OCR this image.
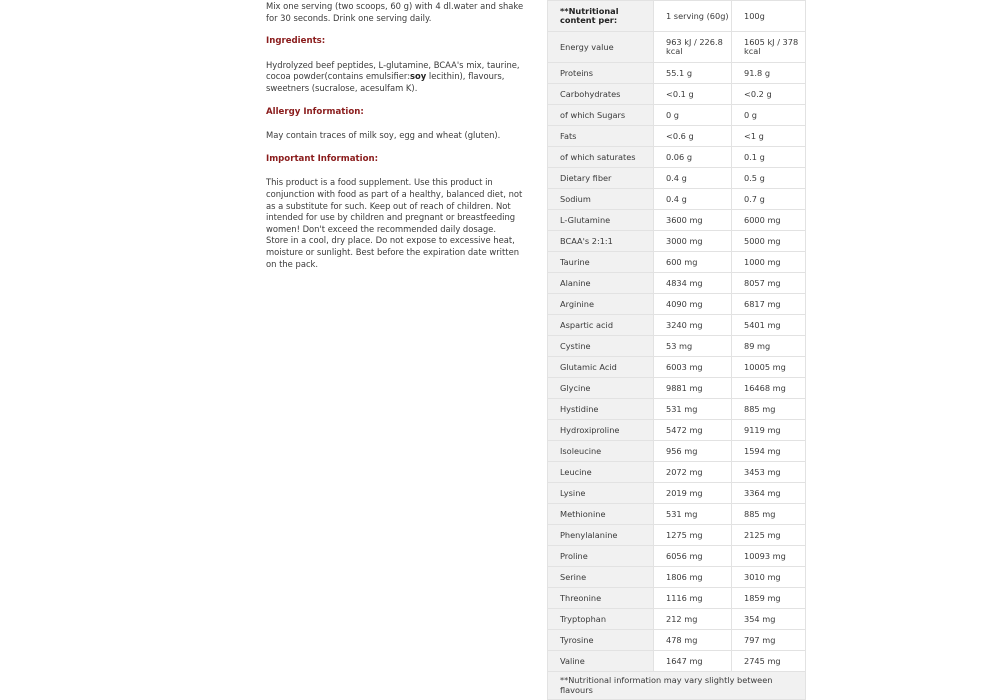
Mix one serving (two scoops, 60 g) with 4 dl.water and shake for 30 seconds. Drink one serving daily.

Ingredients:

Hydrolyzed beef peptides, L-glutamine, BCAA's mix, taurine, cocoa powder(contains emulsifier:soy lecithin), flavours, sweetners (sucralose, acesulfam K).

Allergy Information:

May contain traces of milk soy, egg and wheat (gluten).

Important Information:

This product is a food supplement. Use this product in conjunction with food as part of a healthy, balanced diet, not as a substitute for such. Keep out of reach of children. Not intended for use by children and pregnant or breastfeeding women! Don't exceed the recommended daily dosage.

Store in a cool, dry place. Do not expose to excessive heat, moisture or sunlight. Best before the expiration date written on the pack.

**Nutritional content per:	1 serving (60g)	100g
Energy value	963 kJ / 226.8 kcal	1605 kJ / 378 kcal
Proteins	55.1 g	91.8 g
Carbohydrates	<0.1 g	<0.2 g
of which Sugars	0 g	0 g
Fats	<0.6 g	<1 g
of which saturates	0.06 g	0.1 g
Dietary fiber	0.4 g	0.5 g
Sodium	0.4 g	0.7 g
L-Glutamine	3600 mg	6000 mg
BCAA's 2:1:1	3000 mg	5000 mg
Taurine	600 mg	1000 mg
Alanine	4834 mg	8057 mg
Arginine	4090 mg	6817 mg
Aspartic acid	3240 mg	5401 mg
Cystine	53 mg	89 mg
Glutamic Acid	6003 mg	10005 mg
Glycine	9881 mg	16468 mg
Hystidine	531 mg	885 mg
Hydroxiproline	5472 mg	9119 mg
Isoleucine	956 mg	1594 mg
Leucine	2072 mg	3453 mg
Lysine	2019 mg	3364 mg
Methionine	531 mg	885 mg
Phenylalanine	1275 mg	2125 mg
Proline	6056 mg	10093 mg
Serine	1806 mg	3010 mg
Threonine	1116 mg	1859 mg
Tryptophan	212 mg	354 mg
Tyrosine	478 mg	797 mg
Valine	1647 mg	2745 mg
**Nutritional information may vary slightly between flavours		
